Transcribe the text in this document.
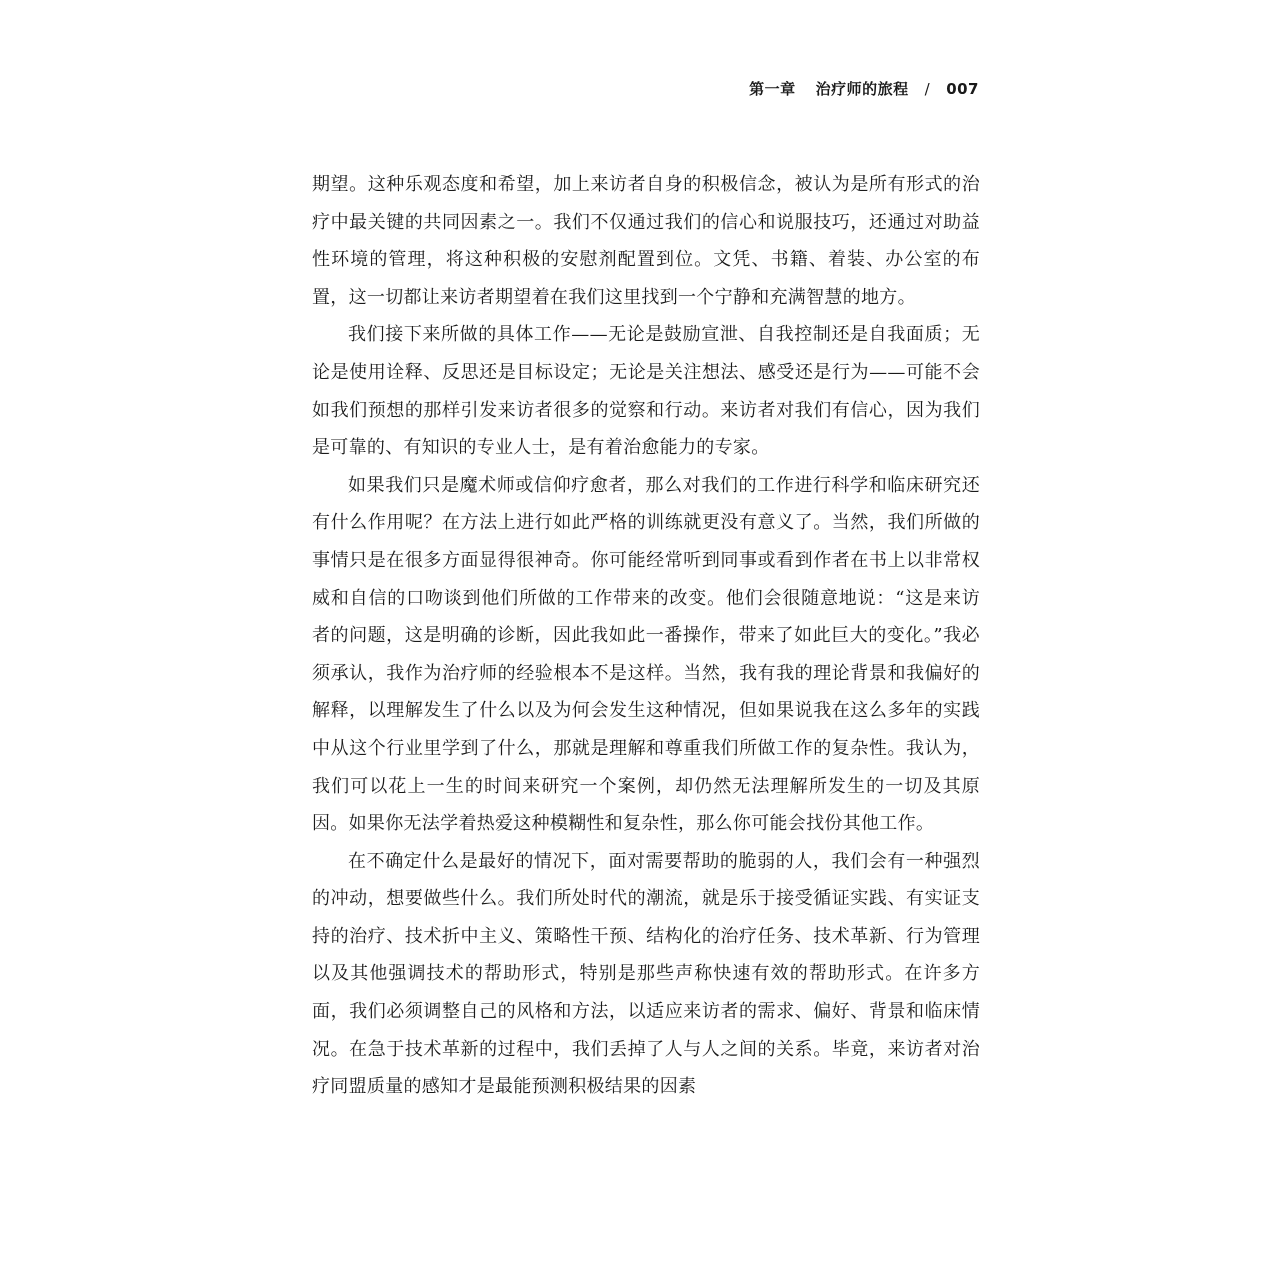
第一章 治疗师的旅程 / 007

期望。这种乐观态度和希望，加上来访者自身的积极信念，被认为是所有形式的治疗中最关键的共同因素之一。我们不仅通过我们的信心和说服技巧，还通过对助益性环境的管理，将这种积极的安慰剂配置到位。文凭、书籍、着装、办公室的布置，这一切都让来访者期望着在我们这里找到一个宁静和充满智慧的地方。

我们接下来所做的具体工作——无论是鼓励宣泄、自我控制还是自我面质；无论是使用诠释、反思还是目标设定；无论是关注想法、感受还是行为——可能不会如我们预想的那样引发来访者很多的觉察和行动。来访者对我们有信心，因为我们是可靠的、有知识的专业人士，是有着治愈能力的专家。

如果我们只是魔术师或信仰疗愈者，那么对我们的工作进行科学和临床研究还有什么作用呢？在方法上进行如此严格的训练就更没有意义了。当然，我们所做的事情只是在很多方面显得很神奇。你可能经常听到同事或看到作者在书上以非常权威和自信的口吻谈到他们所做的工作带来的改变。他们会很随意地说：“这是来访者的问题，这是明确的诊断，因此我如此一番操作，带来了如此巨大的变化。”我必须承认，我作为治疗师的经验根本不是这样。当然，我有我的理论背景和我偏好的解释，以理解发生了什么以及为何会发生这种情况，但如果说我在这么多年的实践中从这个行业里学到了什么，那就是理解和尊重我们所做工作的复杂性。我认为，我们可以花上一生的时间来研究一个案例，却仍然无法理解所发生的一切及其原因。如果你无法学着热爱这种模糊性和复杂性，那么你可能会找份其他工作。

在不确定什么是最好的情况下，面对需要帮助的脆弱的人，我们会有一种强烈的冲动，想要做些什么。我们所处时代的潮流，就是乐于接受循证实践、有实证支持的治疗、技术折中主义、策略性干预、结构化的治疗任务、技术革新、行为管理以及其他强调技术的帮助形式，特别是那些声称快速有效的帮助形式。在许多方面，我们必须调整自己的风格和方法，以适应来访者的需求、偏好、背景和临床情况。在急于技术革新的过程中，我们丢掉了人与人之间的关系。毕竟，来访者对治疗同盟质量的感知才是最能预测积极结果的因素
